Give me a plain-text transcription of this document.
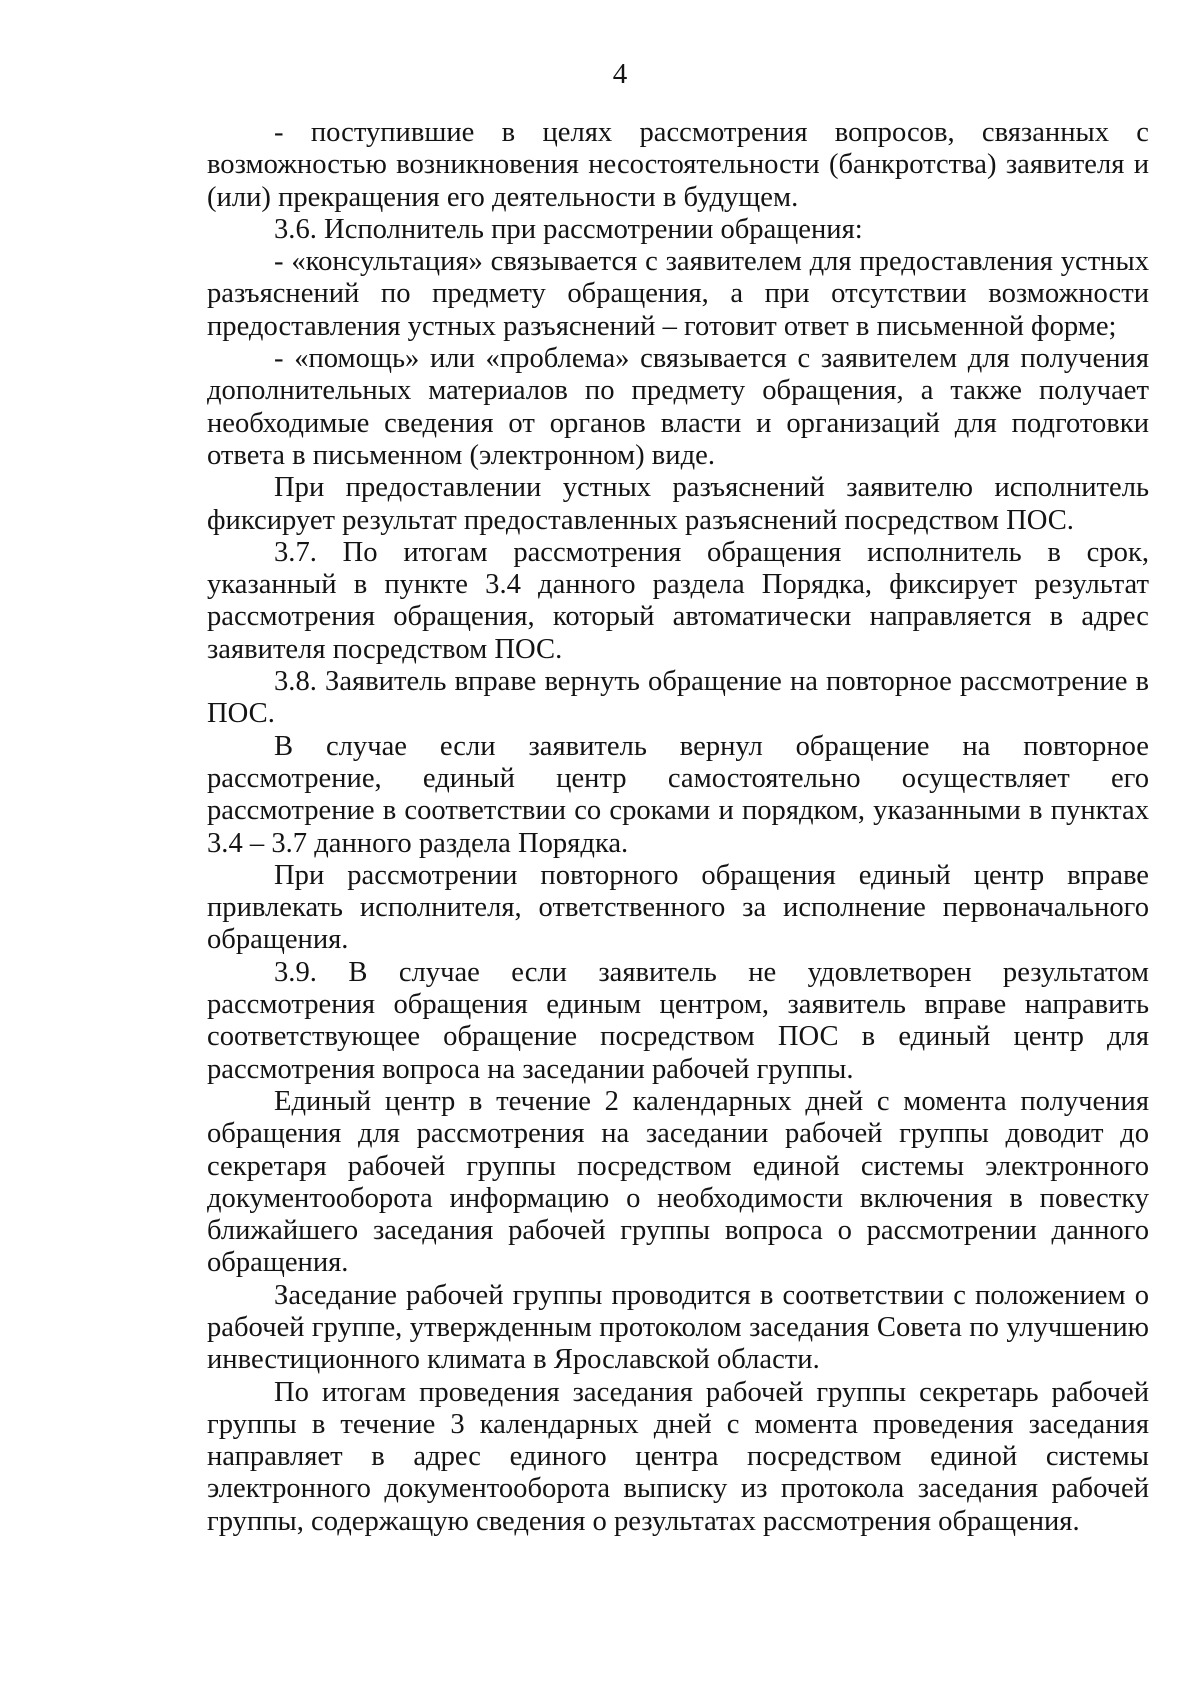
4

- поступившие в целях рассмотрения вопросов, связанных с возможностью возникновения несостоятельности (банкротства) заявителя и (или) прекращения его деятельности в будущем.

3.6. Исполнитель при рассмотрении обращения:

- «консультация» связывается с заявителем для предоставления устных разъяснений по предмету обращения, а при отсутствии возможности предоставления устных разъяснений – готовит ответ в письменной форме;

- «помощь» или «проблема» связывается с заявителем для получения дополнительных материалов по предмету обращения, а также получает необходимые сведения от органов власти и организаций для подготовки ответа в письменном (электронном) виде.

При предоставлении устных разъяснений заявителю исполнитель фиксирует результат предоставленных разъяснений посредством ПОС.

3.7. По итогам рассмотрения обращения исполнитель в срок, указанный в пункте 3.4 данного раздела Порядка, фиксирует результат рассмотрения обращения, который автоматически направляется в адрес заявителя посредством ПОС.

3.8. Заявитель вправе вернуть обращение на повторное рассмотрение в ПОС.

В случае если заявитель вернул обращение на повторное рассмотрение, единый центр самостоятельно осуществляет его рассмотрение в соответствии со сроками и порядком, указанными в пунктах 3.4 – 3.7 данного раздела Порядка.

При рассмотрении повторного обращения единый центр вправе привлекать исполнителя, ответственного за исполнение первоначального обращения.

3.9. В случае если заявитель не удовлетворен результатом рассмотрения обращения единым центром, заявитель вправе направить соответствующее обращение посредством ПОС в единый центр для рассмотрения вопроса на заседании рабочей группы.

Единый центр в течение 2 календарных дней с момента получения обращения для рассмотрения на заседании рабочей группы доводит до секретаря рабочей группы посредством единой системы электронного документооборота информацию о необходимости включения в повестку ближайшего заседания рабочей группы вопроса о рассмотрении данного обращения.

Заседание рабочей группы проводится в соответствии с положением о рабочей группе, утвержденным протоколом заседания Совета по улучшению инвестиционного климата в Ярославской области.

По итогам проведения заседания рабочей группы секретарь рабочей группы в течение 3 календарных дней с момента проведения заседания направляет в адрес единого центра посредством единой системы электронного документооборота выписку из протокола заседания рабочей группы, содержащую сведения о результатах рассмотрения обращения.
